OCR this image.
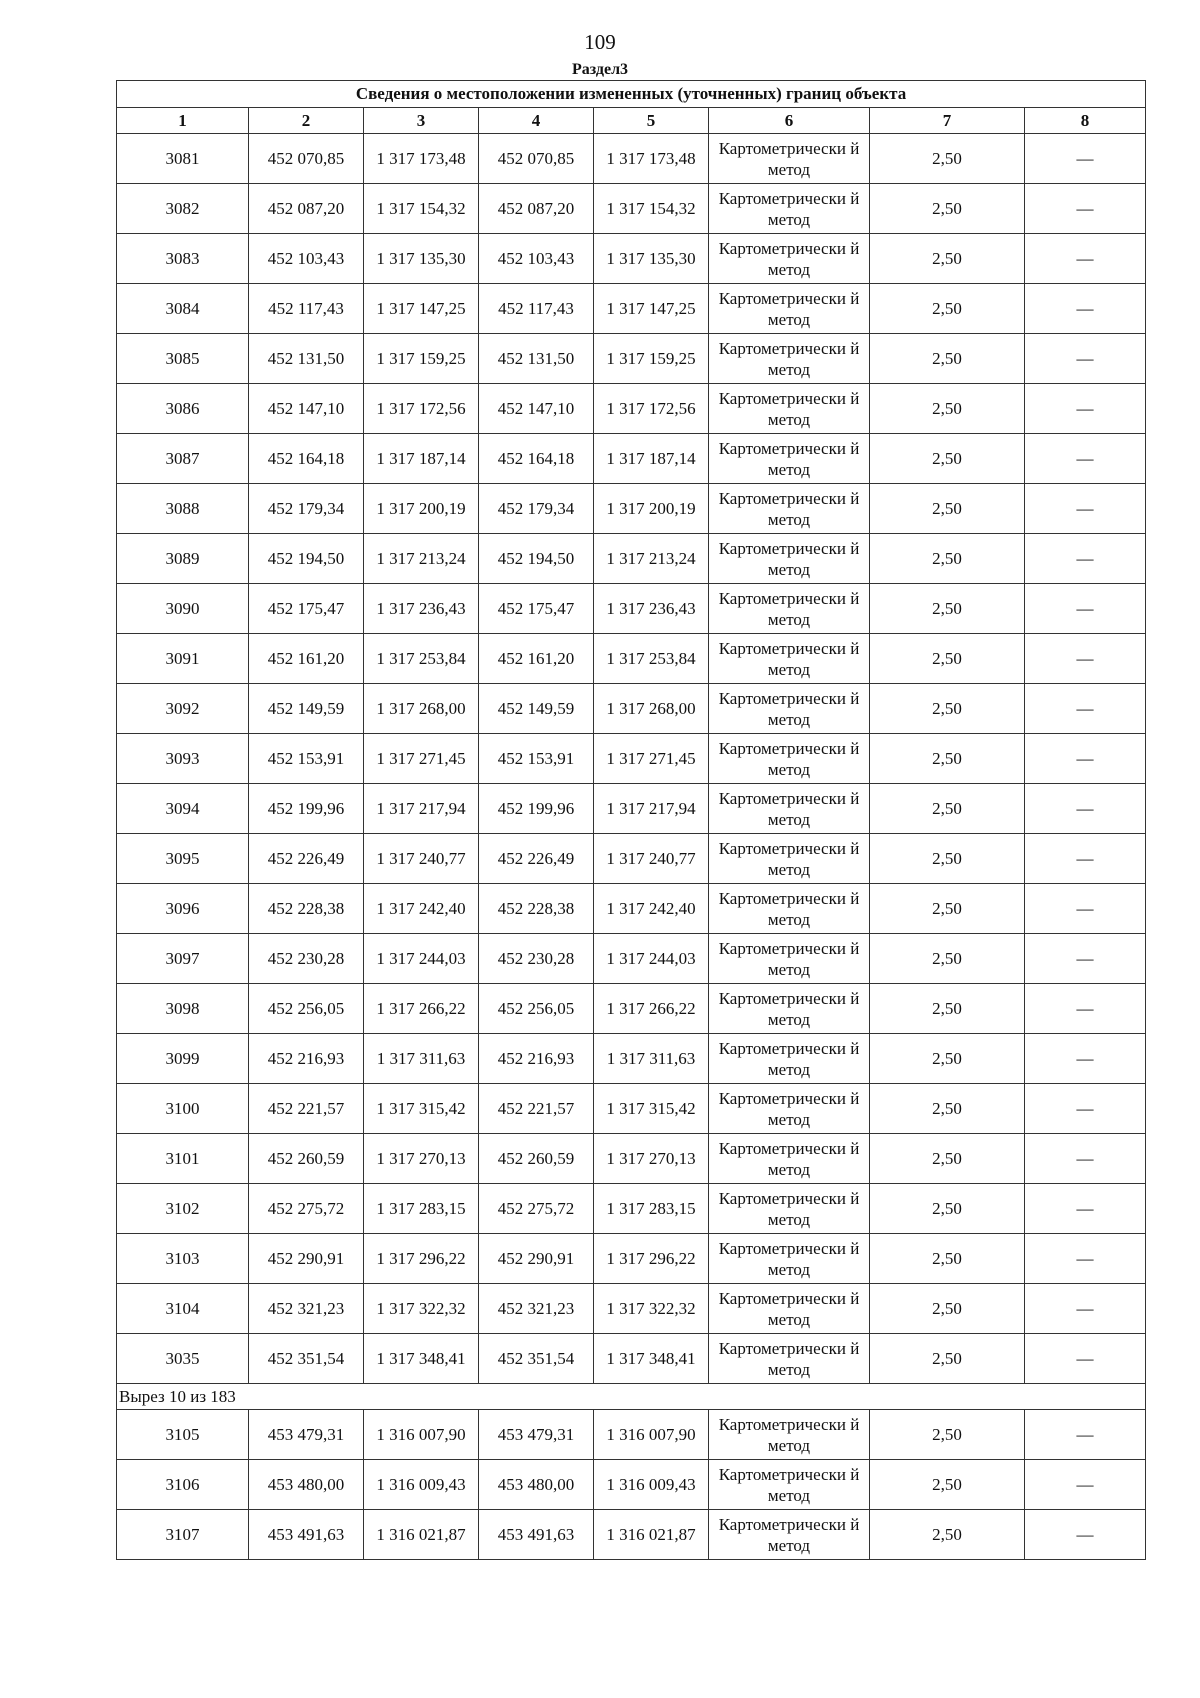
109
Раздел3
Сведения о местоположении измененных (уточненных) границ объекта							
1	2	3	4	5	6	7	8
3081	452 070,85	1 317 173,48	452 070,85	1 317 173,48	Картометрически й метод	2,50	—
3082	452 087,20	1 317 154,32	452 087,20	1 317 154,32	Картометрически й метод	2,50	—
3083	452 103,43	1 317 135,30	452 103,43	1 317 135,30	Картометрически й метод	2,50	—
3084	452 117,43	1 317 147,25	452 117,43	1 317 147,25	Картометрически й метод	2,50	—
3085	452 131,50	1 317 159,25	452 131,50	1 317 159,25	Картометрически й метод	2,50	—
3086	452 147,10	1 317 172,56	452 147,10	1 317 172,56	Картометрически й метод	2,50	—
3087	452 164,18	1 317 187,14	452 164,18	1 317 187,14	Картометрически й метод	2,50	—
3088	452 179,34	1 317 200,19	452 179,34	1 317 200,19	Картометрически й метод	2,50	—
3089	452 194,50	1 317 213,24	452 194,50	1 317 213,24	Картометрически й метод	2,50	—
3090	452 175,47	1 317 236,43	452 175,47	1 317 236,43	Картометрически й метод	2,50	—
3091	452 161,20	1 317 253,84	452 161,20	1 317 253,84	Картометрически й метод	2,50	—
3092	452 149,59	1 317 268,00	452 149,59	1 317 268,00	Картометрически й метод	2,50	—
3093	452 153,91	1 317 271,45	452 153,91	1 317 271,45	Картометрически й метод	2,50	—
3094	452 199,96	1 317 217,94	452 199,96	1 317 217,94	Картометрически й метод	2,50	—
3095	452 226,49	1 317 240,77	452 226,49	1 317 240,77	Картометрически й метод	2,50	—
3096	452 228,38	1 317 242,40	452 228,38	1 317 242,40	Картометрически й метод	2,50	—
3097	452 230,28	1 317 244,03	452 230,28	1 317 244,03	Картометрически й метод	2,50	—
3098	452 256,05	1 317 266,22	452 256,05	1 317 266,22	Картометрически й метод	2,50	—
3099	452 216,93	1 317 311,63	452 216,93	1 317 311,63	Картометрически й метод	2,50	—
3100	452 221,57	1 317 315,42	452 221,57	1 317 315,42	Картометрически й метод	2,50	—
3101	452 260,59	1 317 270,13	452 260,59	1 317 270,13	Картометрически й метод	2,50	—
3102	452 275,72	1 317 283,15	452 275,72	1 317 283,15	Картометрически й метод	2,50	—
3103	452 290,91	1 317 296,22	452 290,91	1 317 296,22	Картометрически й метод	2,50	—
3104	452 321,23	1 317 322,32	452 321,23	1 317 322,32	Картометрически й метод	2,50	—
3035	452 351,54	1 317 348,41	452 351,54	1 317 348,41	Картометрически й метод	2,50	—
Вырез 10 из 183							
3105	453 479,31	1 316 007,90	453 479,31	1 316 007,90	Картометрически й метод	2,50	—
3106	453 480,00	1 316 009,43	453 480,00	1 316 009,43	Картометрически й метод	2,50	—
3107	453 491,63	1 316 021,87	453 491,63	1 316 021,87	Картометрически й метод	2,50	—
